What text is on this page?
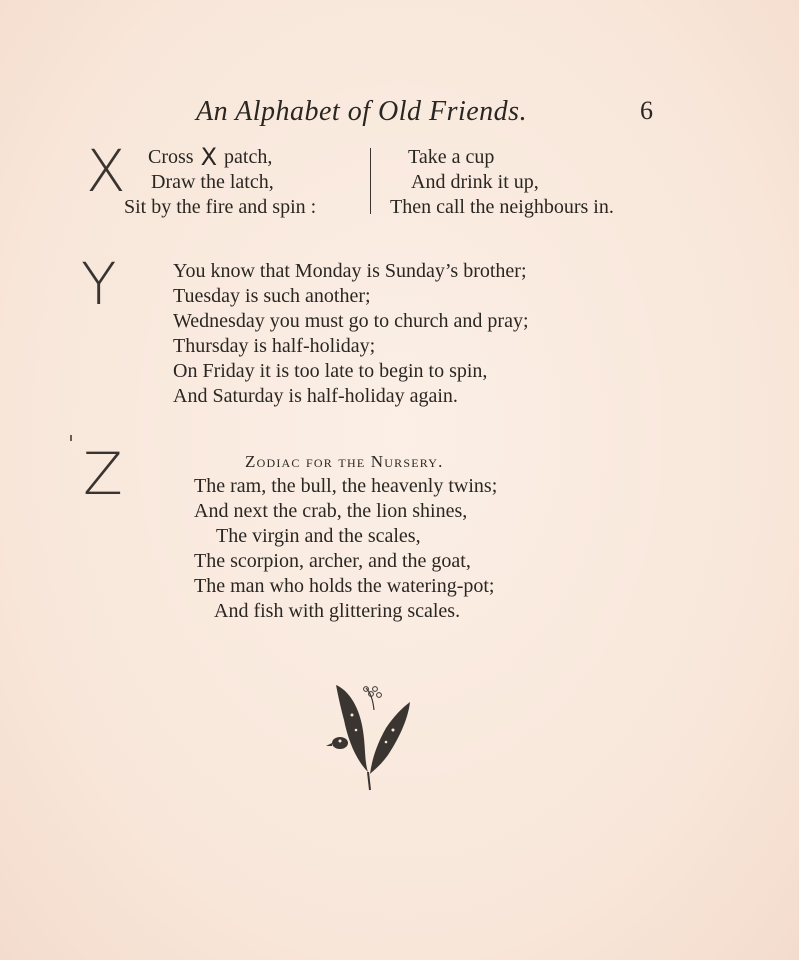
An Alphabet of Old Friends.	6
X Cross X patch,
Draw the latch,
Sit by the fire and spin :
Take a cup
And drink it up,
Then call the neighbours in.
Y	You know that Monday is Sunday’s brother;
Tuesday is such another;
Wednesday you must go to church and pray;
Thursday is half-holiday;
On Friday it is too late to begin to spin,
And Saturday is half-holiday again.
Z	Zodiac for the Nursery.
The ram, the bull, the heavenly twins;
And next the crab, the lion shines,
The virgin and the scales,
The scorpion, archer, and the goat,
The man who holds the watering-pot;
And fish with glittering scales.
